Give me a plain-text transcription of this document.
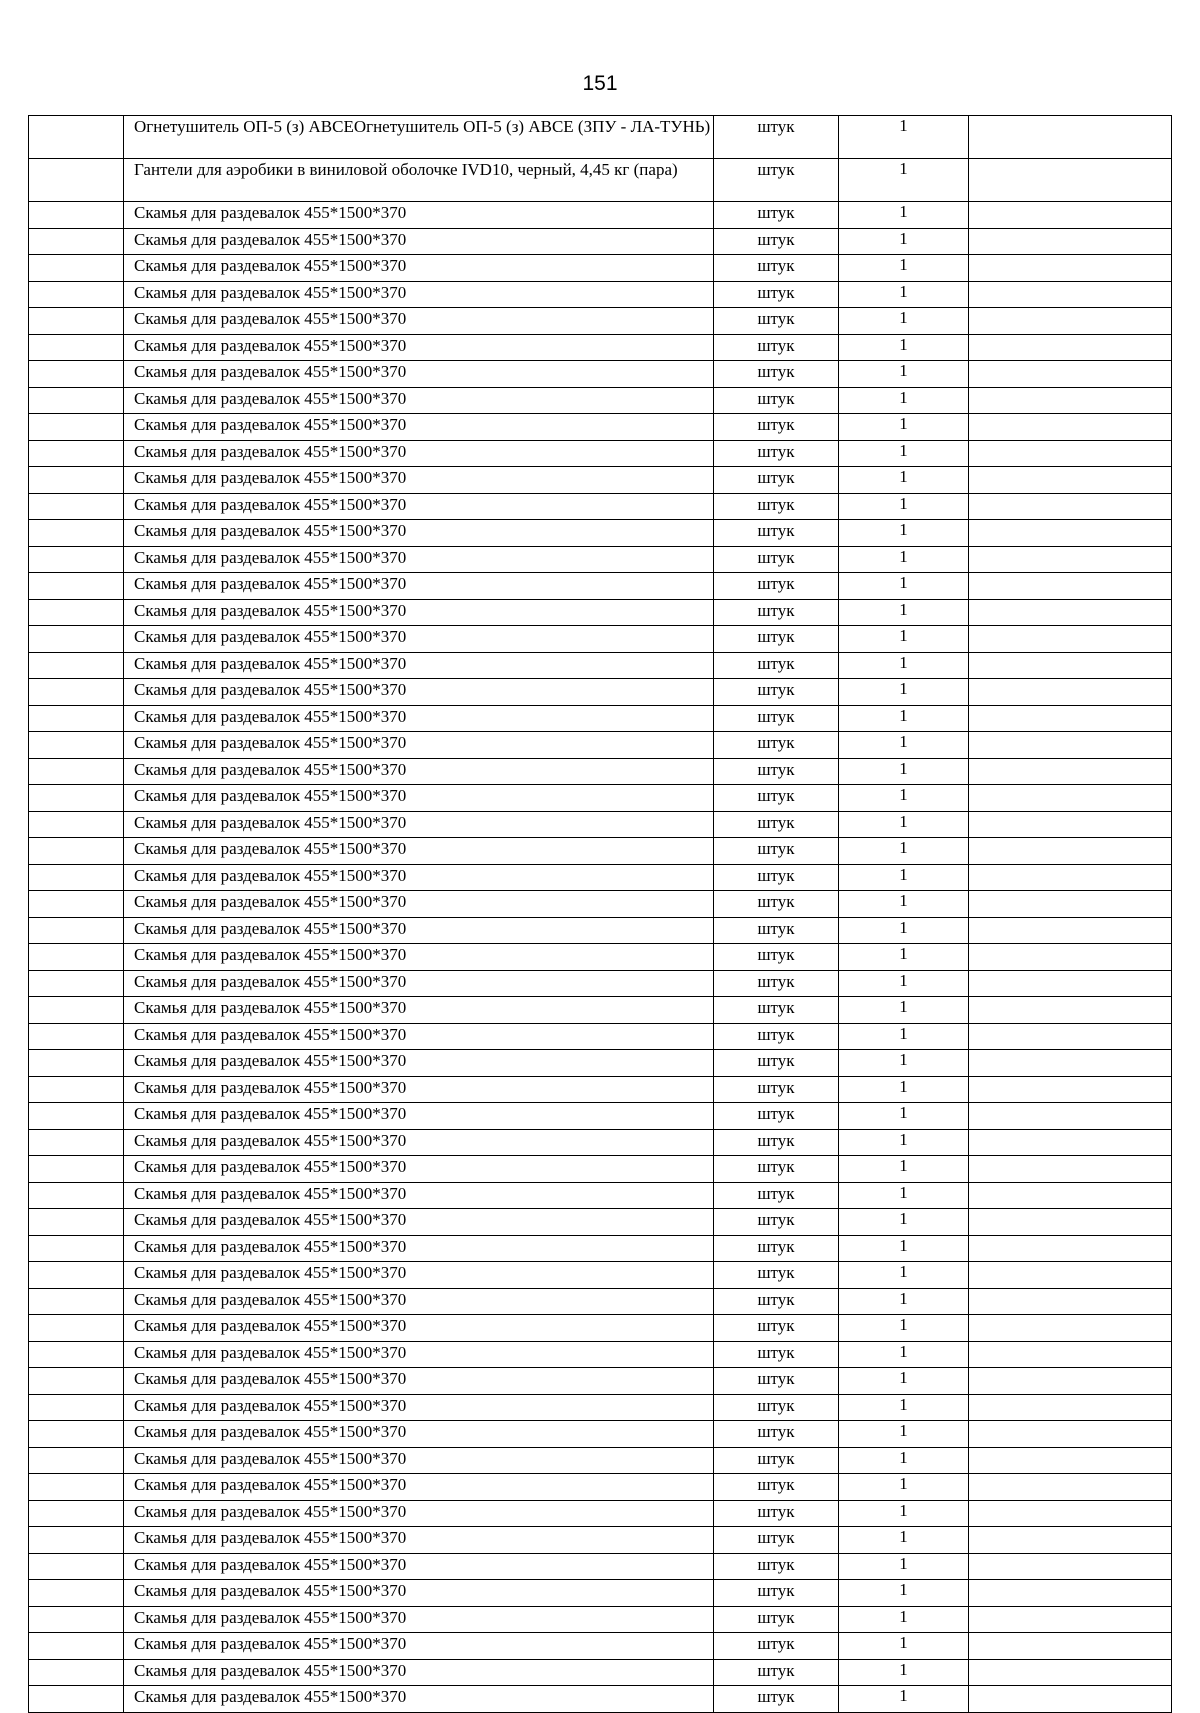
151
	Огнетушитель ОП-5 (з) АВСЕОгнетушитель ОП-5 (з) АВСЕ (ЗПУ - ЛА-ТУНЬ)	штук	1	
	Гантели для аэробики в виниловой оболочке IVD10, черный, 4,45 кг (пара)	штук	1	
	Скамья для раздевалок 455*1500*370	штук	1	
	Скамья для раздевалок 455*1500*370	штук	1	
	Скамья для раздевалок 455*1500*370	штук	1	
	Скамья для раздевалок 455*1500*370	штук	1	
	Скамья для раздевалок 455*1500*370	штук	1	
	Скамья для раздевалок 455*1500*370	штук	1	
	Скамья для раздевалок 455*1500*370	штук	1	
	Скамья для раздевалок 455*1500*370	штук	1	
	Скамья для раздевалок 455*1500*370	штук	1	
	Скамья для раздевалок 455*1500*370	штук	1	
	Скамья для раздевалок 455*1500*370	штук	1	
	Скамья для раздевалок 455*1500*370	штук	1	
	Скамья для раздевалок 455*1500*370	штук	1	
	Скамья для раздевалок 455*1500*370	штук	1	
	Скамья для раздевалок 455*1500*370	штук	1	
	Скамья для раздевалок 455*1500*370	штук	1	
	Скамья для раздевалок 455*1500*370	штук	1	
	Скамья для раздевалок 455*1500*370	штук	1	
	Скамья для раздевалок 455*1500*370	штук	1	
	Скамья для раздевалок 455*1500*370	штук	1	
	Скамья для раздевалок 455*1500*370	штук	1	
	Скамья для раздевалок 455*1500*370	штук	1	
	Скамья для раздевалок 455*1500*370	штук	1	
	Скамья для раздевалок 455*1500*370	штук	1	
	Скамья для раздевалок 455*1500*370	штук	1	
	Скамья для раздевалок 455*1500*370	штук	1	
	Скамья для раздевалок 455*1500*370	штук	1	
	Скамья для раздевалок 455*1500*370	штук	1	
	Скамья для раздевалок 455*1500*370	штук	1	
	Скамья для раздевалок 455*1500*370	штук	1	
	Скамья для раздевалок 455*1500*370	штук	1	
	Скамья для раздевалок 455*1500*370	штук	1	
	Скамья для раздевалок 455*1500*370	штук	1	
	Скамья для раздевалок 455*1500*370	штук	1	
	Скамья для раздевалок 455*1500*370	штук	1	
	Скамья для раздевалок 455*1500*370	штук	1	
	Скамья для раздевалок 455*1500*370	штук	1	
	Скамья для раздевалок 455*1500*370	штук	1	
	Скамья для раздевалок 455*1500*370	штук	1	
	Скамья для раздевалок 455*1500*370	штук	1	
	Скамья для раздевалок 455*1500*370	штук	1	
	Скамья для раздевалок 455*1500*370	штук	1	
	Скамья для раздевалок 455*1500*370	штук	1	
	Скамья для раздевалок 455*1500*370	штук	1	
	Скамья для раздевалок 455*1500*370	штук	1	
	Скамья для раздевалок 455*1500*370	штук	1	
	Скамья для раздевалок 455*1500*370	штук	1	
	Скамья для раздевалок 455*1500*370	штук	1	
	Скамья для раздевалок 455*1500*370	штук	1	
	Скамья для раздевалок 455*1500*370	штук	1	
	Скамья для раздевалок 455*1500*370	штук	1	
	Скамья для раздевалок 455*1500*370	штук	1	
	Скамья для раздевалок 455*1500*370	штук	1	
	Скамья для раздевалок 455*1500*370	штук	1	
	Скамья для раздевалок 455*1500*370	штук	1	
	Скамья для раздевалок 455*1500*370	штук	1	
	Скамья для раздевалок 455*1500*370	штук	1	
